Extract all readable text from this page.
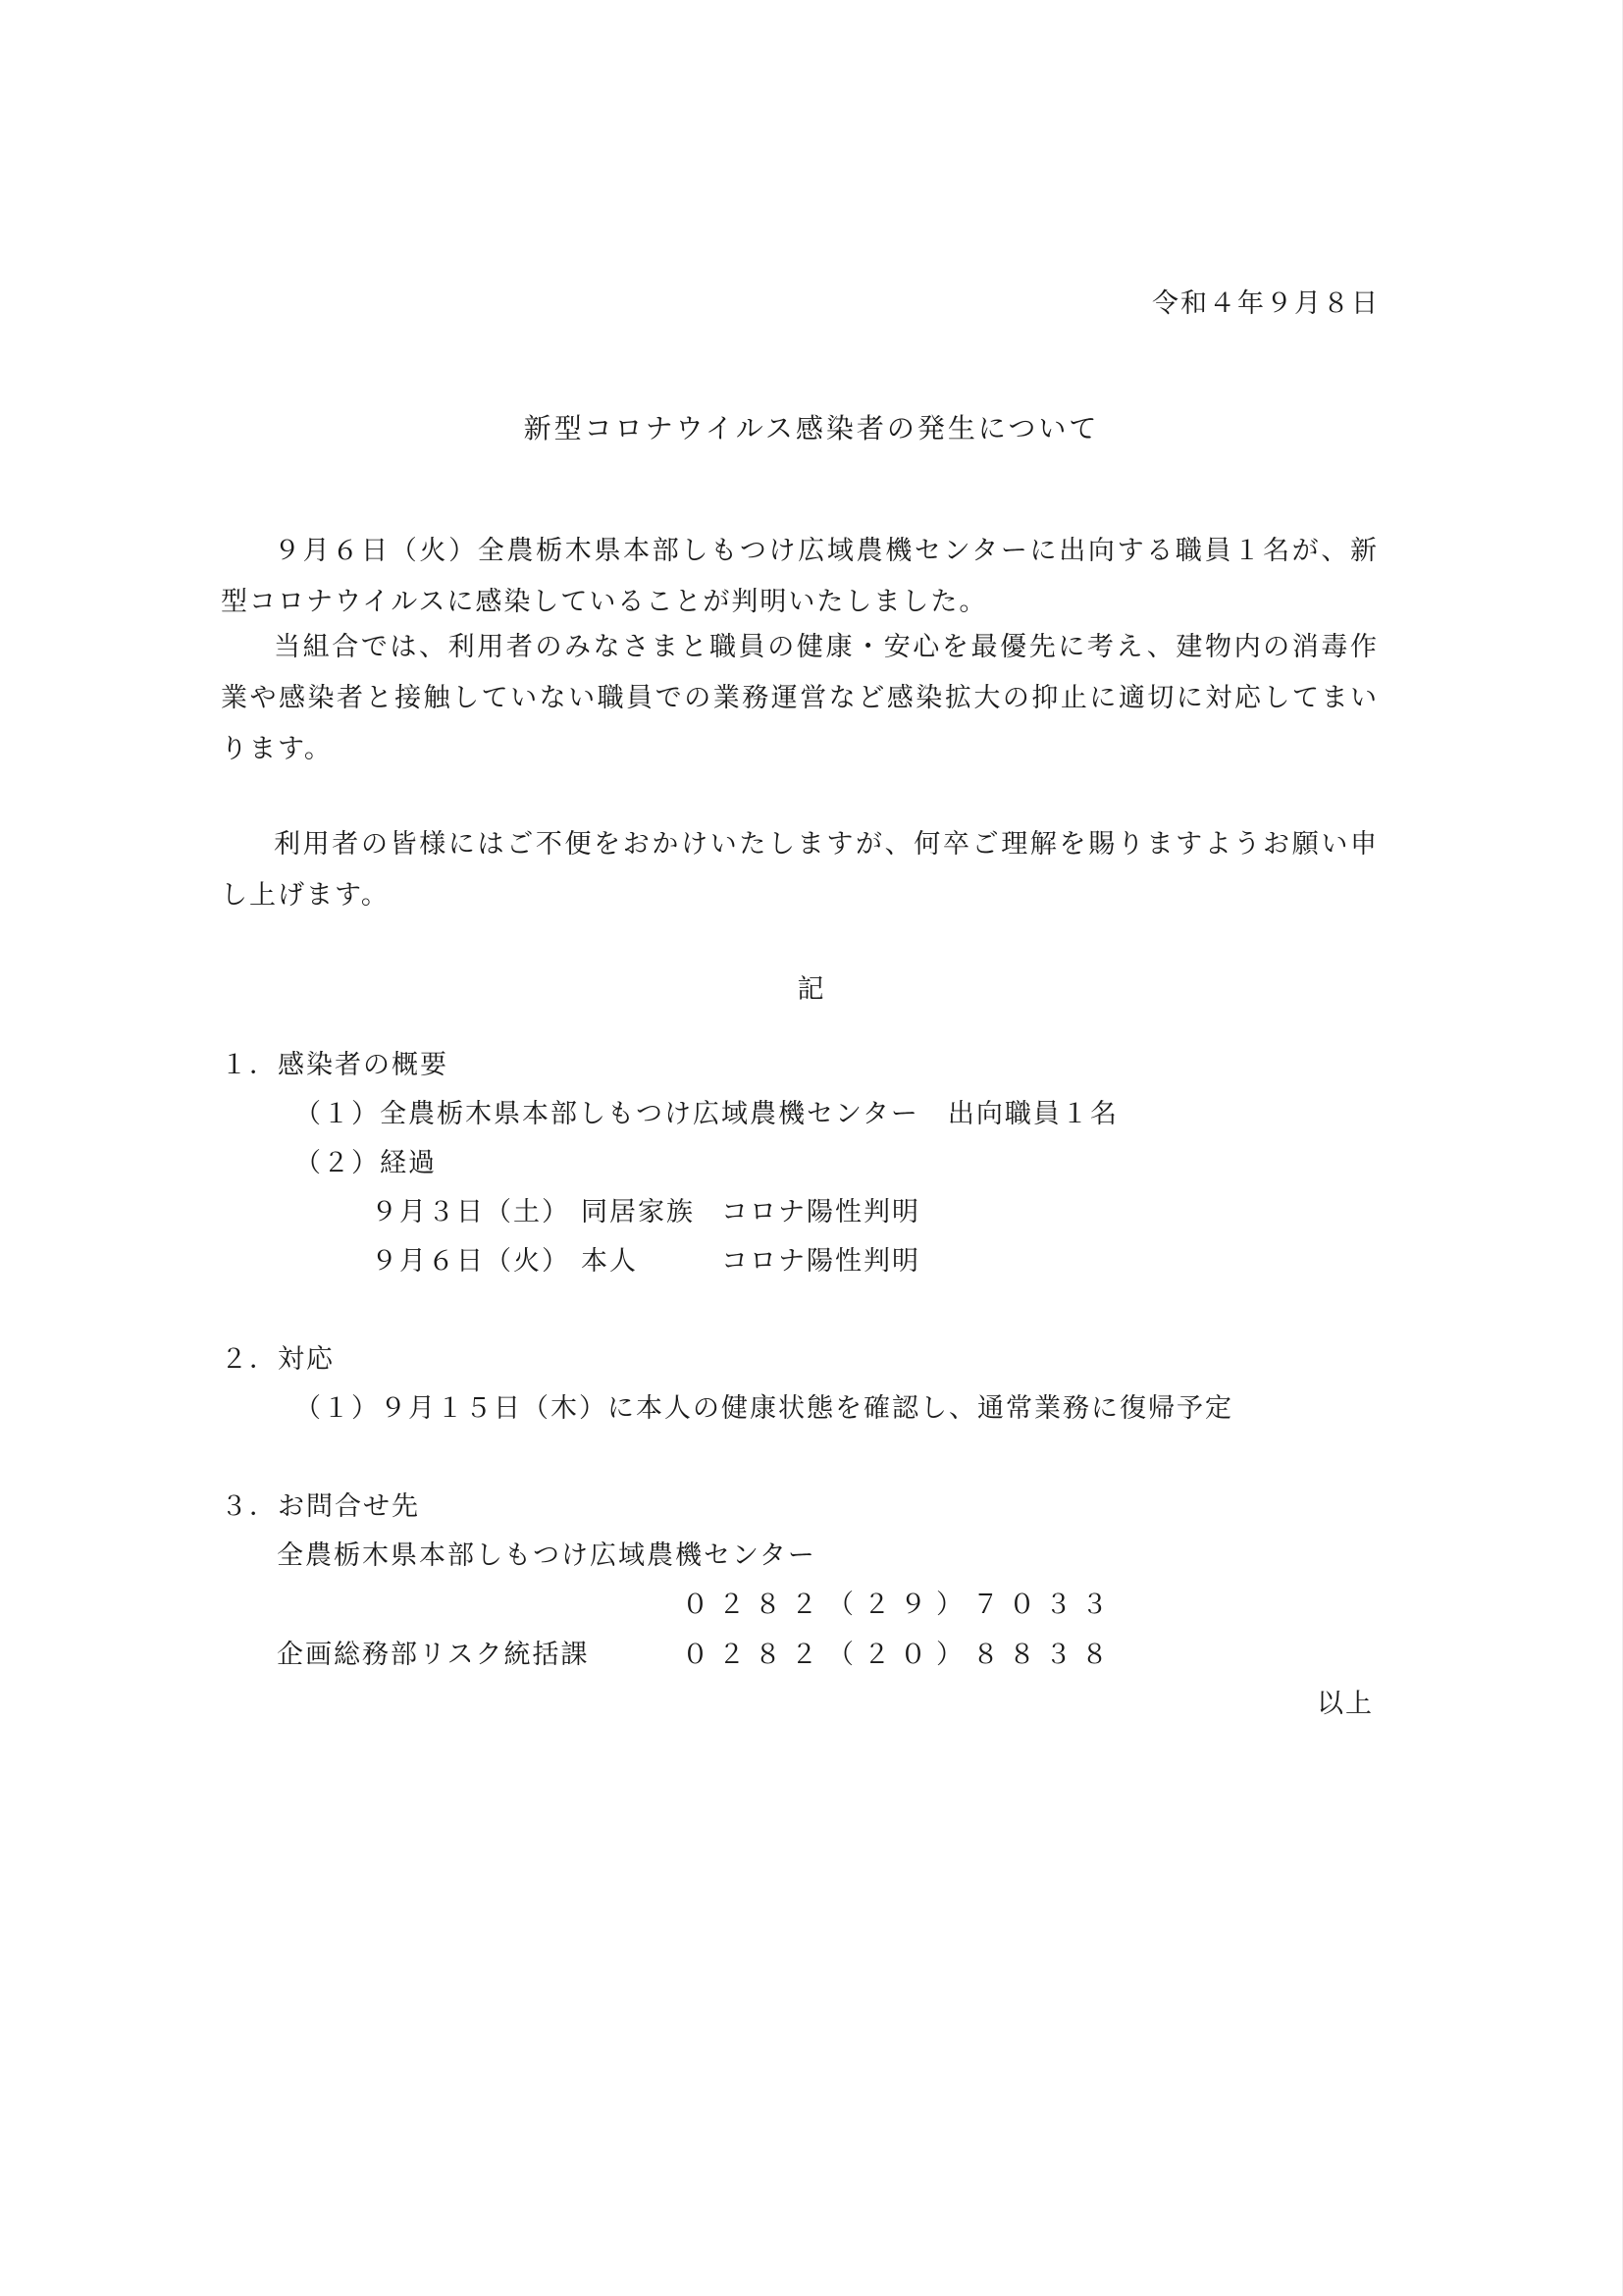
令和４年９月８日
新型コロナウイルス感染者の発生について

９月６日（火）全農栃木県本部しもつけ広域農機センターに出向する職員１名が、新型コロナウイルスに感染していることが判明いたしました。

当組合では、利用者のみなさまと職員の健康・安心を最優先に考え、建物内の消毒作業や感染者と接触していない職員での業務運営など感染拡大の抑止に適切に対応してまいります。

利用者の皆様にはご不便をおかけいたしますが、何卒ご理解を賜りますようお願い申し上げます。

記
１．感染者の概要
（１）全農栃木県本部しもつけ広域農機センター　出向職員１名
（２）経過
９月３日（土） 同居家族 コロナ陽性判明
９月６日（火） 本人	コロナ陽性判明
２．対応
（１）９月１５日（木）に本人の健康状態を確認し、通常業務に復帰予定
３．お問合せ先
全農栃木県本部しもつけ広域農機センター
０２８２（２９）７０３３
企画総務部リスク統括課	０２８２（２０）８８３８
以上
